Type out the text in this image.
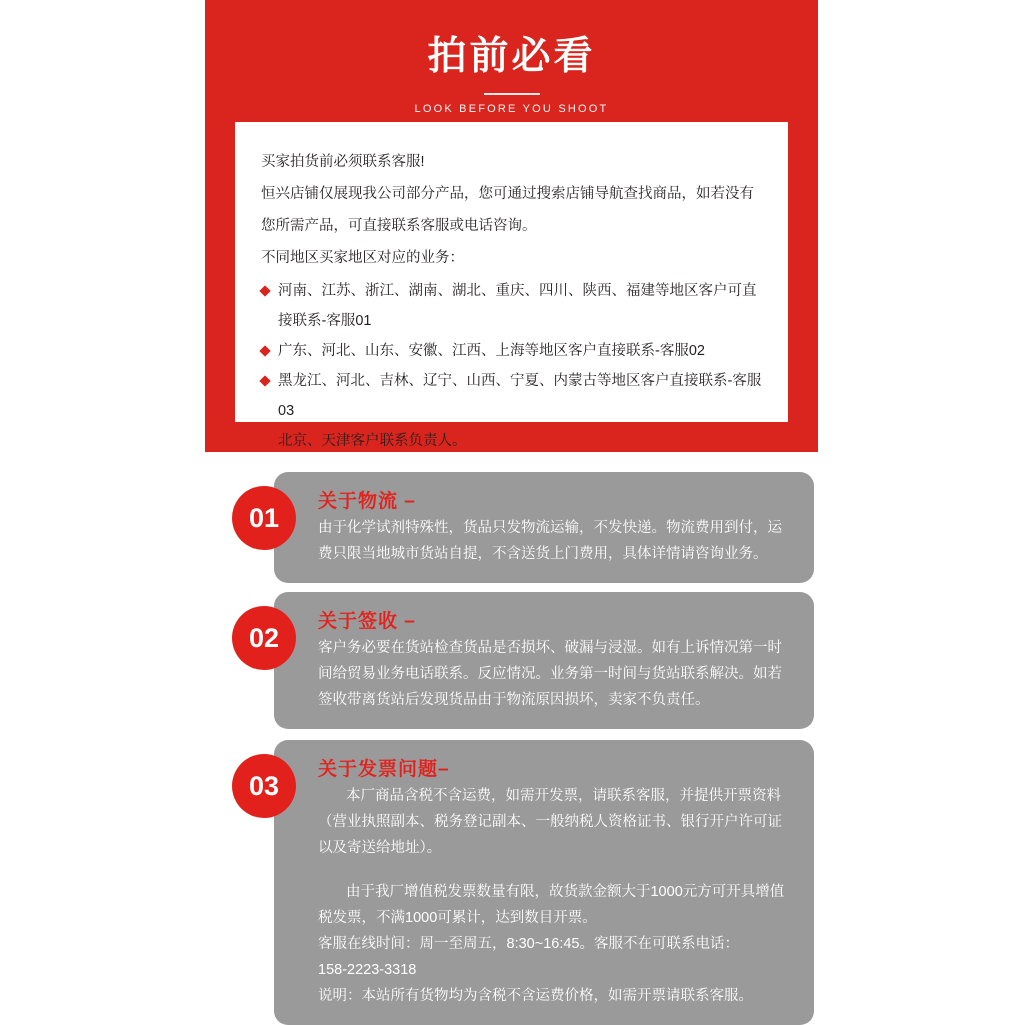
拍前必看
LOOK BEFORE YOU SHOOT

买家拍货前必须联系客服!

恒兴店铺仅展现我公司部分产品，您可通过搜索店铺导航查找商品，如若没有您所需产品，可直接联系客服或电话咨询。

不同地区买家地区对应的业务：

河南、江苏、浙江、湖南、湖北、重庆、四川、陕西、福建等地区客户可直接联系-客服01
广东、河北、山东、安徽、江西、上海等地区客户直接联系-客服02
黑龙江、河北、吉林、辽宁、山西、宁夏、内蒙古等地区客户直接联系-客服03
北京、天津客户联系负责人。
01

关于物流 –

由于化学试剂特殊性，货品只发物流运输，不发快递。物流费用到付，运费只限当地城市货站自提，不含送货上门费用，具体详情请咨询业务。

02

关于签收 –

客户务必要在货站检查货品是否损坏、破漏与浸湿。如有上诉情况第一时间给贸易业务电话联系。反应情况。业务第一时间与货站联系解决。如若签收带离货站后发现货品由于物流原因损坏，卖家不负责任。

03

关于发票问题–

本厂商品含税不含运费，如需开发票，请联系客服，并提供开票资料（营业执照副本、税务登记副本、一般纳税人资格证书、银行开户许可证以及寄送给地址）。

由于我厂增值税发票数量有限，故货款金额大于1000元方可开具增值税发票，不满1000可累计，达到数目开票。

客服在线时间：周一至周五，8:30~16:45。客服不在可联系电话：

158-2223-3318

说明：本站所有货物均为含税不含运费价格，如需开票请联系客服。
